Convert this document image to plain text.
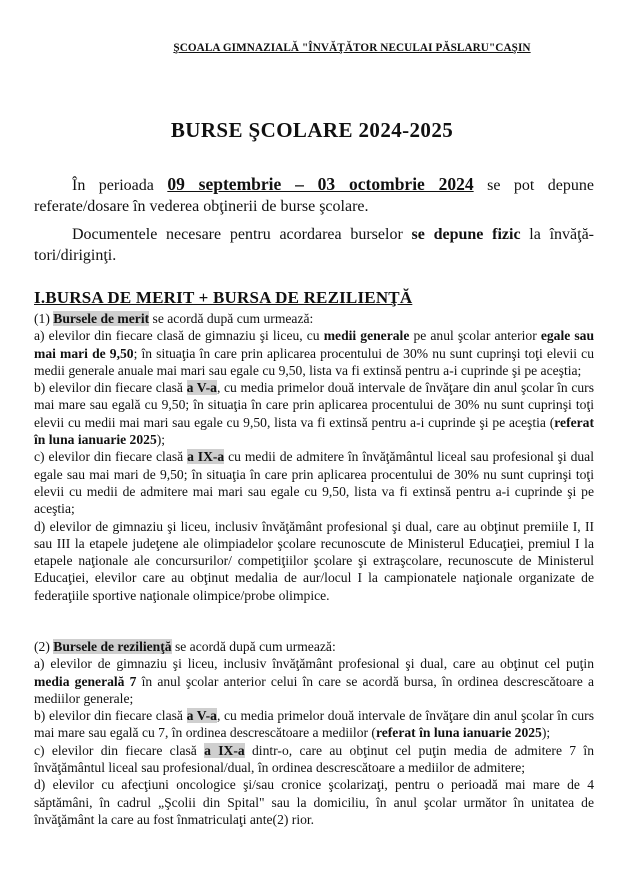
ŞCOALA GIMNAZIALĂ "ÎNVĂŢĂTOR NECULAI PĂSLARU"CAŞIN
BURSE ŞCOLARE 2024-2025

În perioada 09 septembrie – 03 octombrie 2024 se pot depune referate/dosare în vederea obţinerii de burse şcolare.

Documentele necesare pentru acordarea burselor se depune fizic la învăţă-tori/diriginţi.

I.BURSA DE MERIT + BURSA DE REZILIENŢĂ

(1) Bursele de merit se acordă după cum urmează:

a) elevilor din fiecare clasă de gimnaziu şi liceu, cu medii generale pe anul şcolar anterior egale sau mai mari de 9,50; în situaţia în care prin aplicarea procentului de 30% nu sunt cuprinşi toţi elevii cu medii generale anuale mai mari sau egale cu 9,50, lista va fi extinsă pentru a-i cuprinde şi pe aceştia;

b) elevilor din fiecare clasă a V-a, cu media primelor două intervale de învăţare din anul şcolar în curs mai mare sau egală cu 9,50; în situaţia în care prin aplicarea procentului de 30% nu sunt cuprinşi toţi elevii cu medii mai mari sau egale cu 9,50, lista va fi extinsă pentru a-i cuprinde şi pe aceştia (referat în luna ianuarie 2025);

c) elevilor din fiecare clasă a IX-a cu medii de admitere în învăţământul liceal sau profesional şi dual egale sau mai mari de 9,50; în situaţia în care prin aplicarea procentului de 30% nu sunt cuprinşi toţi elevii cu medii de admitere mai mari sau egale cu 9,50, lista va fi extinsă pentru a-i cuprinde şi pe aceştia;

d) elevilor de gimnaziu şi liceu, inclusiv învăţământ profesional şi dual, care au obţinut premiile I, II sau III la etapele judeţene ale olimpiadelor şcolare recunoscute de Ministerul Educaţiei, premiul I la etapele naţionale ale concursurilor/ competiţiilor şcolare şi extraşcolare, recunoscute de Ministerul Educaţiei, elevilor care au obţinut medalia de aur/locul I la campionatele naţionale organizate de federaţiile sportive naţionale olimpice/probe olimpice.

(2) Bursele de rezilienţă se acordă după cum urmează:

a) elevilor de gimnaziu şi liceu, inclusiv învăţământ profesional şi dual, care au obţinut cel puţin media generală 7 în anul şcolar anterior celui în care se acordă bursa, în ordinea descrescătoare a mediilor generale;

b) elevilor din fiecare clasă a V-a, cu media primelor două intervale de învăţare din anul şcolar în curs mai mare sau egală cu 7, în ordinea descrescătoare a mediilor (referat în luna ianuarie 2025);

c) elevilor din fiecare clasă a IX-a dintr-o, care au obţinut cel puţin media de admitere 7 în învăţământul liceal sau profesional/dual, în ordinea descrescătoare a mediilor de admitere;

d) elevilor cu afecţiuni oncologice şi/sau cronice şcolarizaţi, pentru o perioadă mai mare de 4 săptămâni, în cadrul „Şcolii din Spital" sau la domiciliu, în anul şcolar următor în unitatea de învăţământ la care au fost înmatriculaţi ante(2) rior.
